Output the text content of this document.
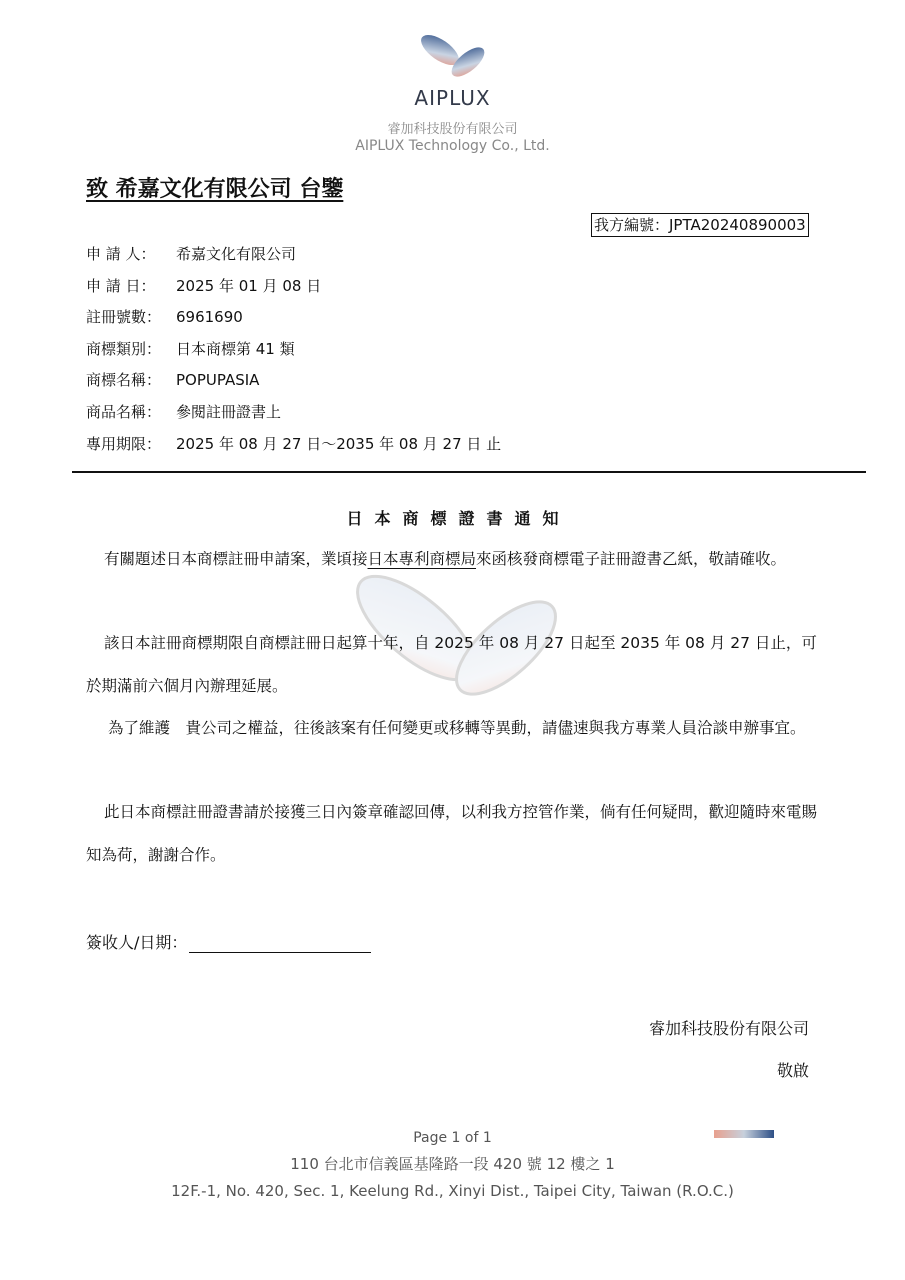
AIPLUX
睿加科技股份有限公司
AIPLUX Technology Co., Ltd.
致 希嘉文化有限公司 台鑒
我方編號：JPTA20240890003
申 請 人： 希嘉文化有限公司
申 請 日： 2025 年 01 月 08 日
註冊號數： 6961690
商標類別： 日本商標第 41 類
商標名稱： POPUPASIA
商品名稱： 參閱註冊證書上
專用期限： 2025 年 08 月 27 日～2035 年 08 月 27 日 止
日本商標證書通知
有關題述日本商標註冊申請案，業頃接日本專利商標局來函核發商標電子註冊證書乙紙，敬請確收。
該日本註冊商標期限自商標註冊日起算十年，自 2025 年 08 月 27 日起至 2035 年 08 月 27 日止，可於期滿前六個月內辦理延展。
為了維護　貴公司之權益，往後該案有任何變更或移轉等異動，請儘速與我方專業人員洽談申辦事宜。
此日本商標註冊證書請於接獲三日內簽章確認回傳，以利我方控管作業，倘有任何疑問，歡迎隨時來電賜知為荷，謝謝合作。
簽收人/日期：
睿加科技股份有限公司
敬啟
Page 1 of 1
110 台北市信義區基隆路一段 420 號 12 樓之 1
12F.-1, No. 420, Sec. 1, Keelung Rd., Xinyi Dist., Taipei City, Taiwan (R.O.C.)
